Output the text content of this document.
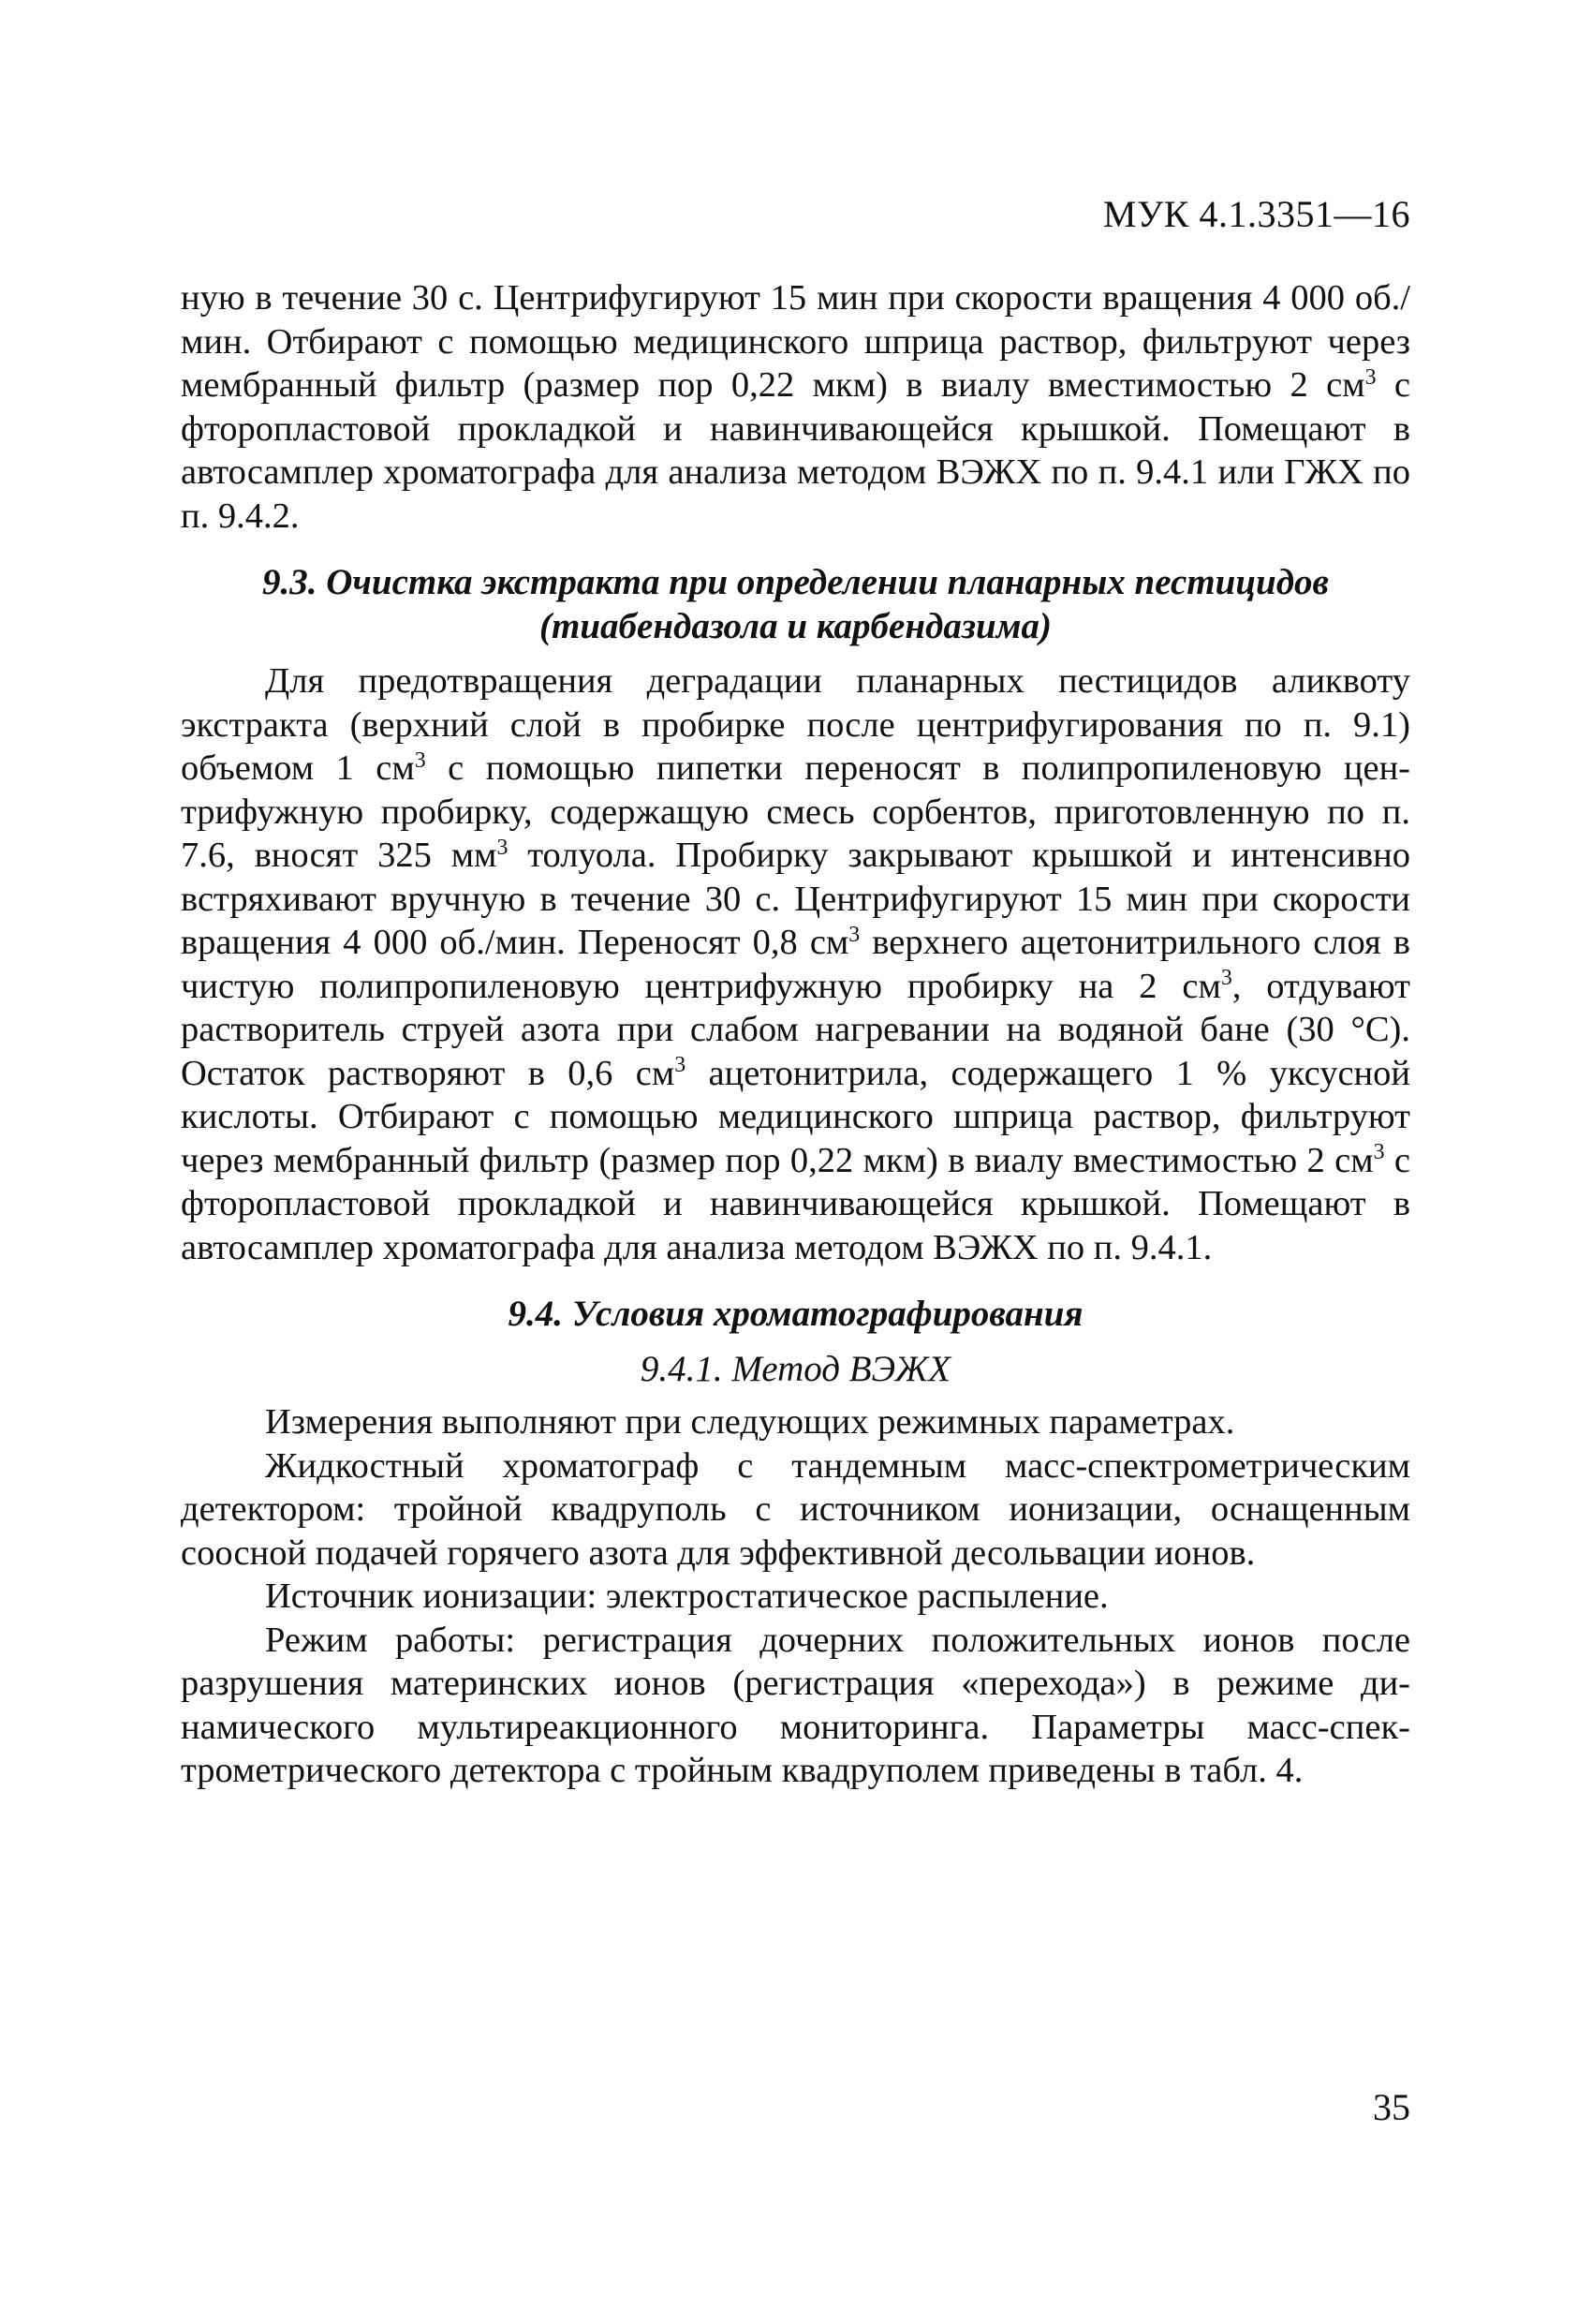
МУК 4.1.3351—16

ную в течение 30 с. Центрифугируют 15 мин при скорости вращения 4 000 об./мин. Отбирают с помощью медицинского шприца раствор, фильтруют через мембранный фильтр (размер пор 0,22 мкм) в виалу вместимостью 2 $см^3$ с фторопластовой прокладкой и навинчивающейся крышкой. Помещают в автосамплер хроматографа для анализа методом ВЭЖХ по п. 9.4.1 или ГЖХ по п. 9.4.2.

9.3. Очистка экстракта при определении планарных пестицидов
(тиабендазола и карбендазима)

Для предотвращения деградации планарных пестицидов аликвоту экстракта (верхний слой в пробирке после центрифугирования по п. 9.1) объемом 1 $см^3$ с помощью пипетки переносят в полипропиленовую центрифужную пробирку, содержащую смесь сорбентов, приготовленную по п. 7.6, вносят 325 $мм^3$ толуола. Пробирку закрывают крышкой и интенсивно встряхивают вручную в течение 30 с. Центрифугируют 15 мин при скорости вращения 4 000 об./мин. Переносят 0,8 $см^3$ верхнего ацетонитрильного слоя в чистую полипропиленовую центрифужную пробирку на 2 $см^3$, отдувают растворитель струей азота при слабом нагревании на водяной бане (30 °С). Остаток растворяют в 0,6 $см^3$ ацетонитрила, содержащего 1 % уксусной кислоты. Отбирают с помощью медицинского шприца раствор, фильтруют через мембранный фильтр (размер пор 0,22 мкм) в виалу вместимостью 2 $см^3$ с фторопластовой прокладкой и навинчивающейся крышкой. Помещают в автосамплер хроматографа для анализа методом ВЭЖХ по п. 9.4.1.

9.4. Условия хроматографирования
9.4.1. Метод ВЭЖХ

Измерения выполняют при следующих режимных параметрах.

Жидкостный хроматограф с тандемным масс-спектрометрическим детектором: тройной квадруполь с источником ионизации, оснащенным соосной подачей горячего азота для эффективной десольвации ионов.

Источник ионизации: электростатическое распыление.

Режим работы: регистрация дочерних положительных ионов после разрушения материнских ионов (регистрация «перехода») в режиме динамического мультиреакционного мониторинга. Параметры масс-спектрометрического детектора с тройным квадруполем приведены в табл. 4.

35
